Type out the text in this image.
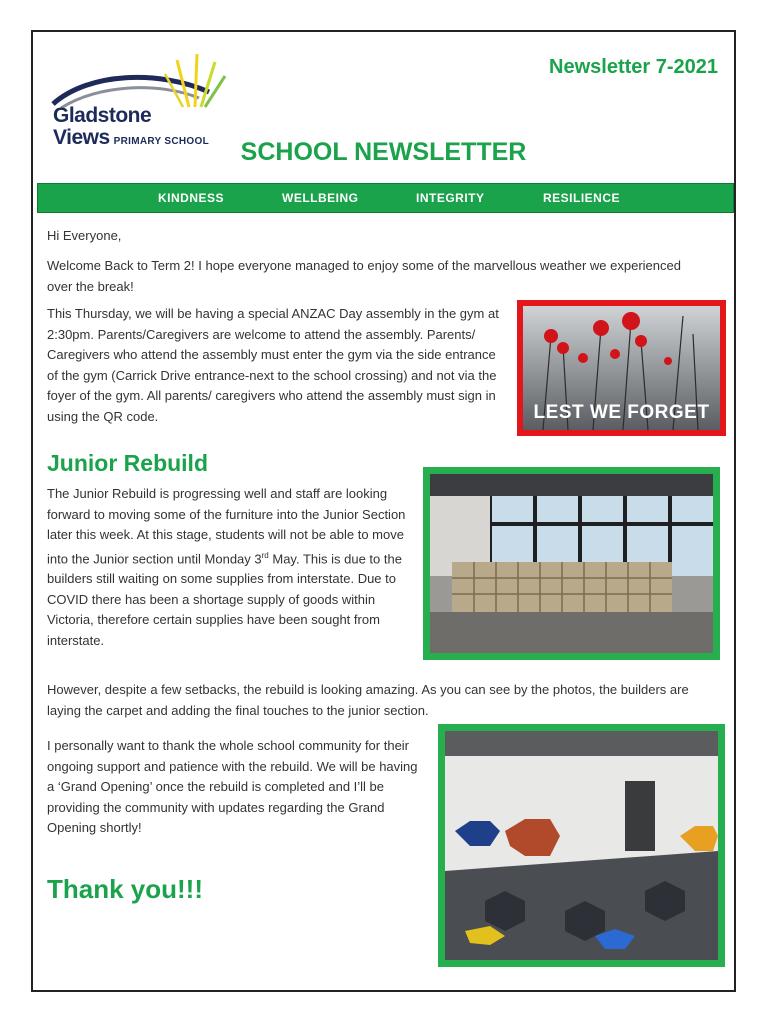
Gladstone
Views PRIMARY SCHOOL
Newsletter 7-2021
SCHOOL NEWSLETTER
KINDNESS	WELLBEING	INTEGRITY	RESILIENCE

Hi Everyone,

Welcome Back to Term 2! I hope everyone managed to enjoy some of the marvellous weather we experienced over the break!

This Thursday, we will be having a special ANZAC Day assembly in the gym at 2:30pm. Parents/Caregivers are welcome to attend the assembly. Parents/ Caregivers who attend the assembly must enter the gym via the side entrance of the gym (Carrick Drive entrance-next to the school crossing) and not via the foyer of the gym. All parents/ caregivers who attend the assembly must sign in using the QR code.	LEST WE FORGET
Junior Rebuild

The Junior Rebuild is progressing well and staff are looking forward to moving some of the furniture into the Junior Section later this week. At this stage, students will not be able to move into the Junior section until Monday 3rd May. This is due to the builders still waiting on some supplies from interstate. Due to COVID there has been a shortage supply of goods within Victoria, therefore certain supplies have been sought from interstate.

However, despite a few setbacks, the rebuild is looking amazing. As you can see by the photos, the builders are laying the carpet and adding the final touches to the junior section.

I personally want to thank the whole school community for their ongoing support and patience with the rebuild. We will be having a ‘Grand Opening’ once the rebuild is completed and I’ll be providing the community with updates regarding the Grand Opening shortly!

Thank you!!!
